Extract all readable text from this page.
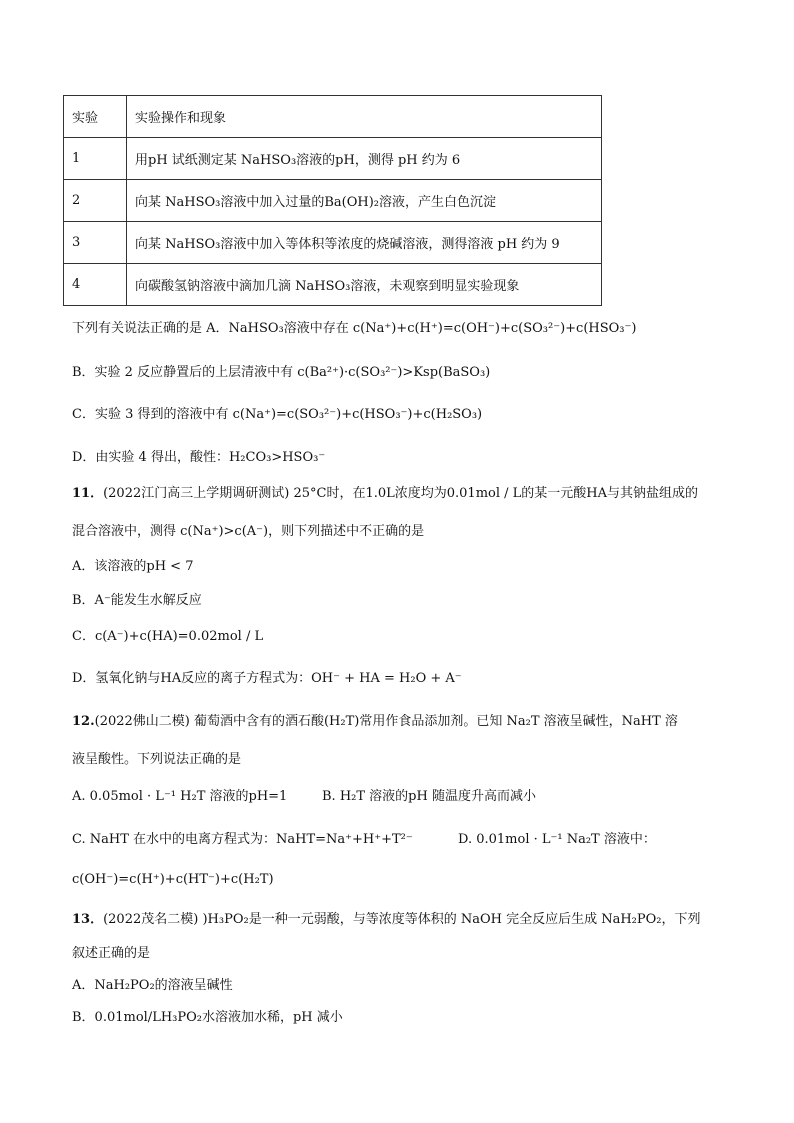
实验	实验操作和现象
1	用pH 试纸测定某 NaHSO₃溶液的pH，测得 pH 约为 6
2	向某 NaHSO₃溶液中加入过量的Ba(OH)₂溶液，产生白色沉淀
3	向某 NaHSO₃溶液中加入等体积等浓度的烧碱溶液，测得溶液 pH 约为 9
4	向碳酸氢钠溶液中滴加几滴 NaHSO₃溶液，未观察到明显实验现象
下列有关说法正确的是 A．NaHSO₃溶液中存在 c(Na⁺)+c(H⁺)=c(OH⁻)+c(SO₃²⁻)+c(HSO₃⁻)
B．实验 2 反应静置后的上层清液中有 c(Ba²⁺)·c(SO₃²⁻)>Ksp(BaSO₃)
C．实验 3 得到的溶液中有 c(Na⁺)=c(SO₃²⁻)+c(HSO₃⁻)+c(H₂SO₃)
D．由实验 4 得出，酸性：H₂CO₃>HSO₃⁻
11．(2022江门高三上学期调研测试) 25°C时，在1.0L浓度均为0.01mol / L的某一元酸HA与其钠盐组成的
混合溶液中，测得 c(Na⁺)>c(A⁻)，则下列描述中不正确的是
A．该溶液的pH < 7
B．A⁻能发生水解反应
C．c(A⁻)+c(HA)=0.02mol / L
D．氢氧化钠与HA反应的离子方程式为：OH⁻ + HA = H₂O + A⁻
12.(2022佛山二模) 葡萄酒中含有的酒石酸(H₂T)常用作食品添加剂。已知 Na₂T 溶液呈碱性，NaHT 溶
液呈酸性。下列说法正确的是
A. 0.05mol · L⁻¹ H₂T 溶液的pH=1	B. H₂T 溶液的pH 随温度升高而减小
C. NaHT 在水中的电离方程式为：NaHT=Na⁺+H⁺+T²⁻	D. 0.01mol · L⁻¹ Na₂T 溶液中：
c(OH⁻)=c(H⁺)+c(HT⁻)+c(H₂T)
13．(2022茂名二模) )H₃PO₂是一种一元弱酸，与等浓度等体积的 NaOH 完全反应后生成 NaH₂PO₂，下列
叙述正确的是
A．NaH₂PO₂的溶液呈碱性
B．0.01mol/LH₃PO₂水溶液加水稀，pH 减小
